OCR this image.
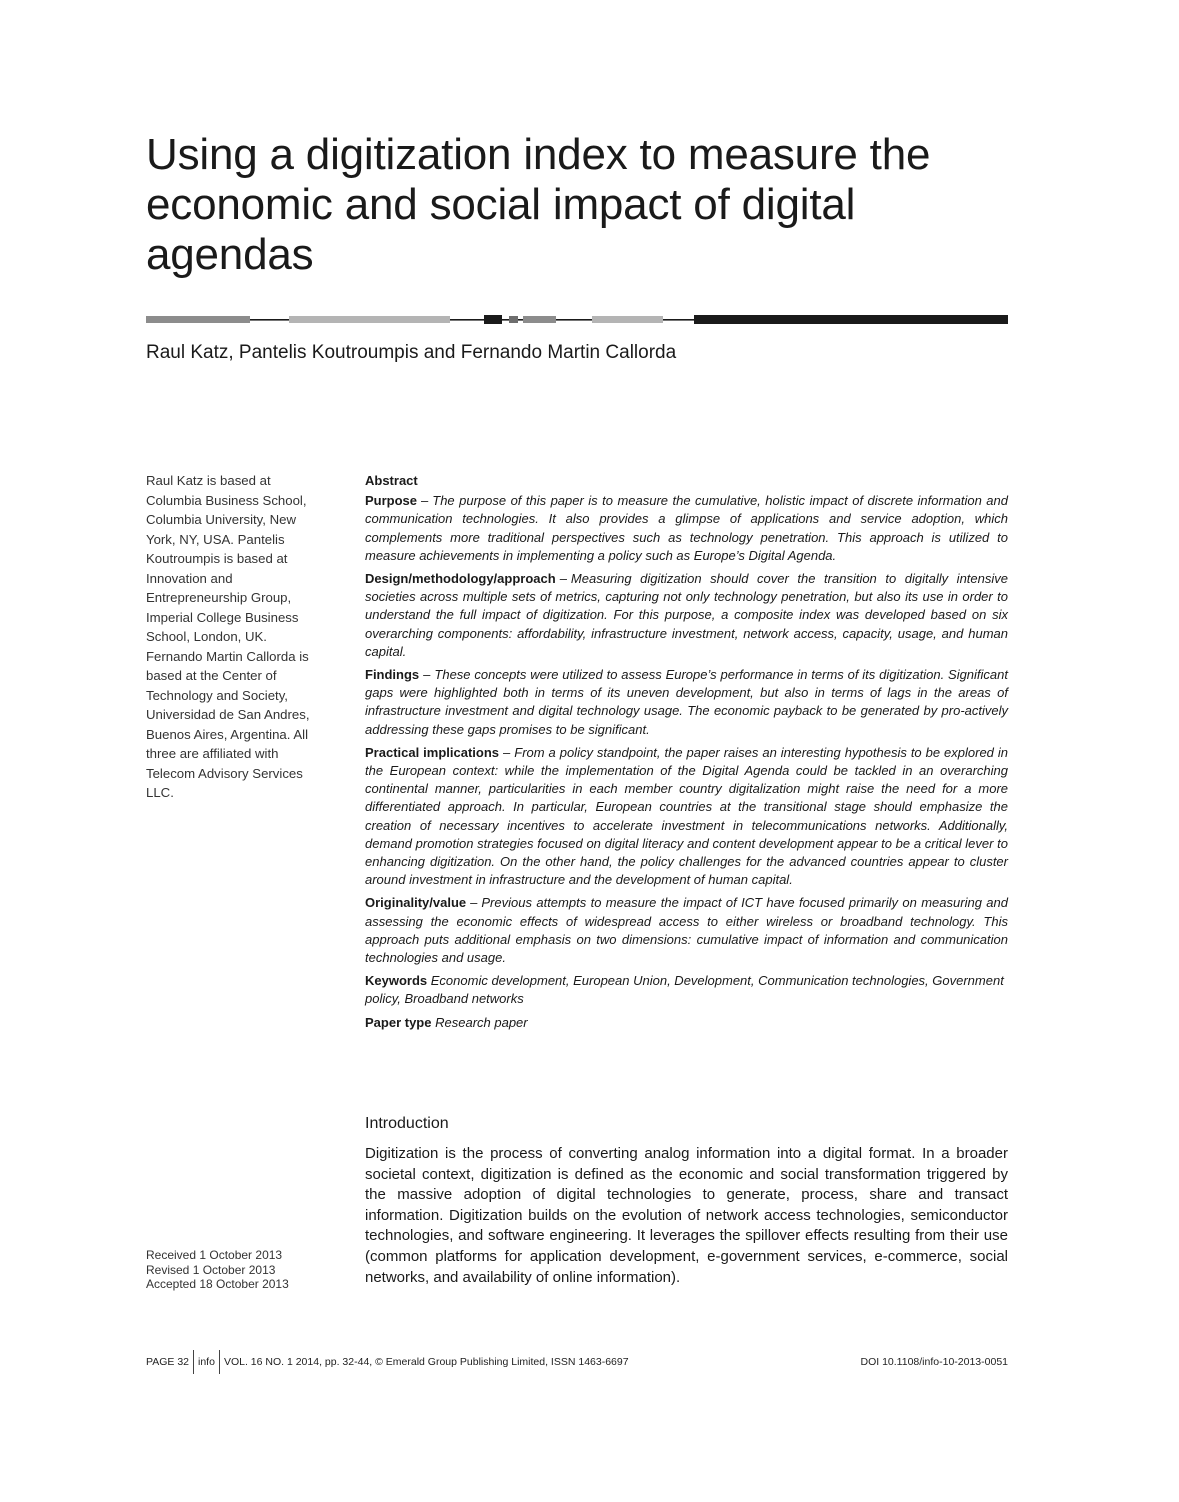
Using a digitization index to measure the economic and social impact of digital agendas
Raul Katz, Pantelis Koutroumpis and Fernando Martin Callorda
Raul Katz is based at Columbia Business School, Columbia University, New York, NY, USA. Pantelis Koutroumpis is based at Innovation and Entrepreneurship Group, Imperial College Business School, London, UK. Fernando Martin Callorda is based at the Center of Technology and Society, Universidad de San Andres, Buenos Aires, Argentina. All three are affiliated with Telecom Advisory Services LLC.
Received 1 October 2013
Revised 1 October 2013
Accepted 18 October 2013

Abstract

Purpose – The purpose of this paper is to measure the cumulative, holistic impact of discrete information and communication technologies. It also provides a glimpse of applications and service adoption, which complements more traditional perspectives such as technology penetration. This approach is utilized to measure achievements in implementing a policy such as Europe’s Digital Agenda.

Design/methodology/approach – Measuring digitization should cover the transition to digitally intensive societies across multiple sets of metrics, capturing not only technology penetration, but also its use in order to understand the full impact of digitization. For this purpose, a composite index was developed based on six overarching components: affordability, infrastructure investment, network access, capacity, usage, and human capital.

Findings – These concepts were utilized to assess Europe’s performance in terms of its digitization. Significant gaps were highlighted both in terms of its uneven development, but also in terms of lags in the areas of infrastructure investment and digital technology usage. The economic payback to be generated by pro-actively addressing these gaps promises to be significant.

Practical implications – From a policy standpoint, the paper raises an interesting hypothesis to be explored in the European context: while the implementation of the Digital Agenda could be tackled in an overarching continental manner, particularities in each member country digitalization might raise the need for a more differentiated approach. In particular, European countries at the transitional stage should emphasize the creation of necessary incentives to accelerate investment in telecommunications networks. Additionally, demand promotion strategies focused on digital literacy and content development appear to be a critical lever to enhancing digitization. On the other hand, the policy challenges for the advanced countries appear to cluster around investment in infrastructure and the development of human capital.

Originality/value – Previous attempts to measure the impact of ICT have focused primarily on measuring and assessing the economic effects of widespread access to either wireless or broadband technology. This approach puts additional emphasis on two dimensions: cumulative impact of information and communication technologies and usage.

Keywords Economic development, European Union, Development, Communication technologies, Government policy, Broadband networks

Paper type Research paper

Introduction

Digitization is the process of converting analog information into a digital format. In a broader societal context, digitization is defined as the economic and social transformation triggered by the massive adoption of digital technologies to generate, process, share and transact information. Digitization builds on the evolution of network access technologies, semiconductor technologies, and software engineering. It leverages the spillover effects resulting from their use (common platforms for application development, e-government services, e-commerce, social networks, and availability of online information).

PAGE 32 info VOL. 16 NO. 1 2014, pp. 32-44, © Emerald Group Publishing Limited, ISSN 1463-6697	DOI 10.1108/info-10-2013-0051
